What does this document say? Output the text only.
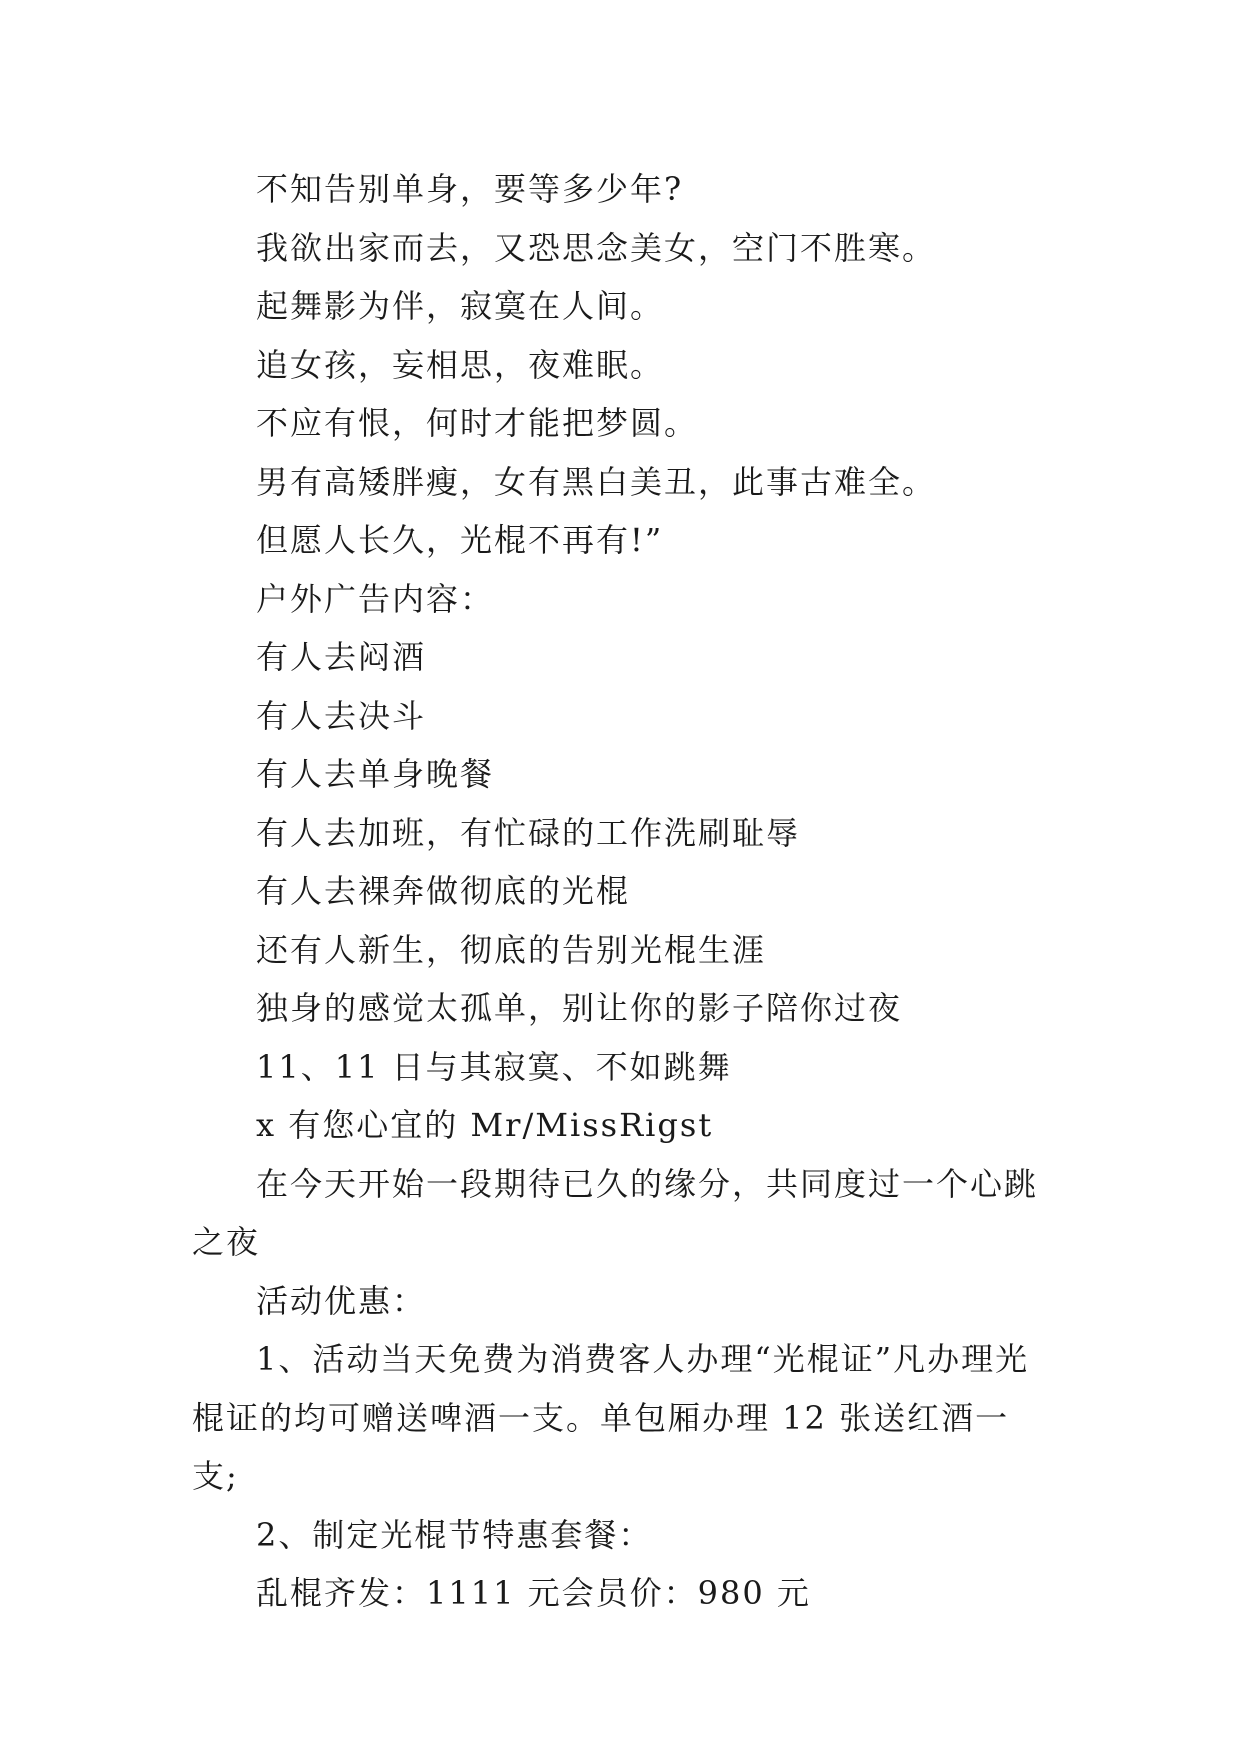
不知告别单身，要等多少年?

我欲出家而去，又恐思念美女，空门不胜寒。

起舞影为伴，寂寞在人间。

追女孩，妄相思，夜难眠。

不应有恨，何时才能把梦圆。

男有高矮胖瘦，女有黑白美丑，此事古难全。

但愿人长久，光棍不再有!”

户外广告内容：

有人去闷酒

有人去决斗

有人去单身晚餐

有人去加班，有忙碌的工作洗刷耻辱

有人去裸奔做彻底的光棍

还有人新生，彻底的告别光棍生涯

独身的感觉太孤单，别让你的影子陪你过夜

11、11 日与其寂寞、不如跳舞

x 有您心宜的 Mr/MissRigst

在今天开始一段期待已久的缘分，共同度过一个心跳之夜

活动优惠：

1、活动当天免费为消费客人办理“光棍证”凡办理光棍证的均可赠送啤酒一支。单包厢办理 12 张送红酒一支;

2、制定光棍节特惠套餐：

乱棍齐发：1111 元会员价：980 元
